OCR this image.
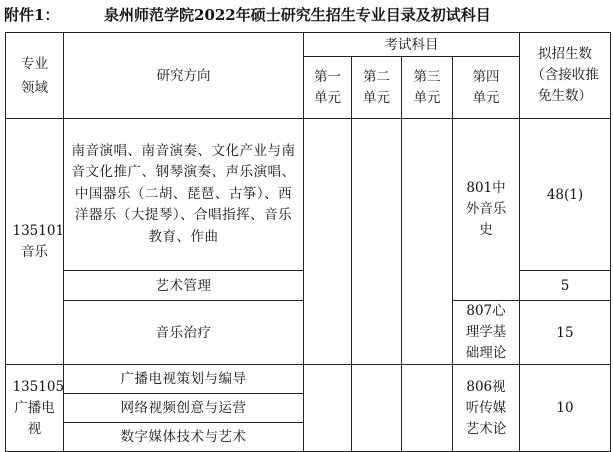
附件1：	泉州师范学院2022年硕士研究生招生专业目录及初试科目
专业领域	研究方向	考试科目				拟招生数（含接收推免生数）

		第一单元	第二单元	第三单元	第四单元	

135101音乐	南音演唱、南音演奏、文化产业与南音文化推广、钢琴演奏、声乐演唱、中国器乐（二胡、琵琶、古筝）、西洋器乐（大提琴）、合唱指挥、音乐教育、作曲				801中外音乐史	48(1)
	艺术管理					5
	音乐治疗				807心理学基础理论	15

135105广播电视	广播电视策划与编导				806视听传媒艺术论	10
	网络视频创意与运营					
	数字媒体技术与艺术					
